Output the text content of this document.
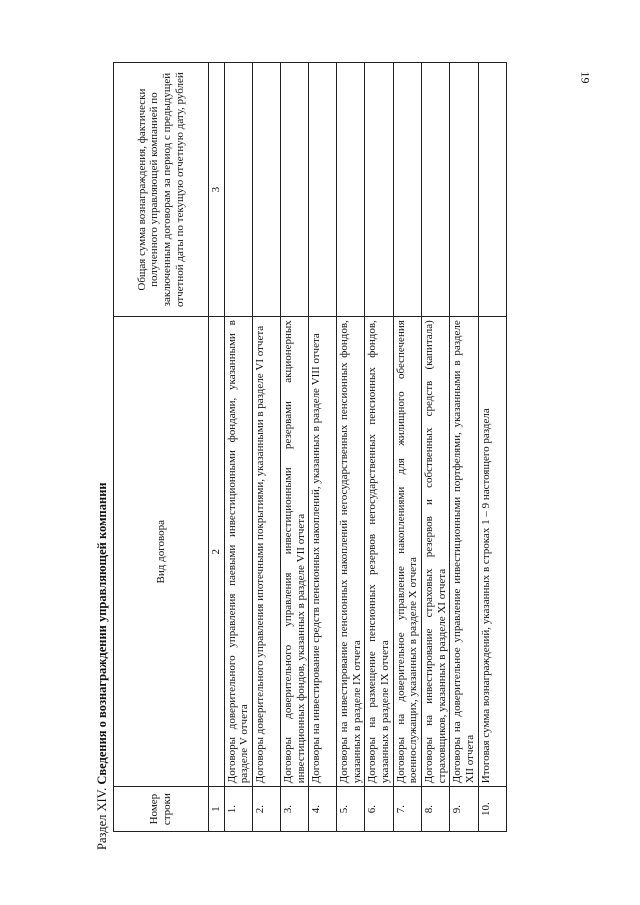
19
Раздел XIV. Сведения о вознаграждении управляющей компании
Номер строки	Вид договора	Общая сумма вознаграждения, фактически полученного управляющей компанией по заключенным договорам за период с предыдущей отчетной даты по текущую отчетную дату, рублей
1	2	3
1.	Договоры доверительного управления паевыми инвестиционными фондами, указанными в разделе V отчета	
2.	Договоры доверительного управления ипотечными покрытиями, указанными в разделе VI отчета	
3.	Договоры доверительного управления инвестиционными резервами акционерных инвестиционных фондов, указанных в разделе VII отчета	
4.	Договоры на инвестирование средств пенсионных накоплений, указанных в разделе VIII отчета	
5.	Договоры на инвестирование пенсионных накоплений негосударственных пенсионных фондов, указанных в разделе IX отчета	
6.	Договоры на размещение пенсионных резервов негосударственных пенсионных фондов, указанных в разделе IX отчета	
7.	Договоры на доверительное управление накоплениями для жилищного обеспечения военнослужащих, указанных в разделе X отчета	
8.	Договоры на инвестирование страховых резервов и собственных средств (капитала) страховщиков, указанных в разделе XI отчета	
9.	Договоры на доверительное управление инвестиционными портфелями, указанными в разделе XII отчета	
10.	Итоговая сумма вознаграждений, указанных в строках 1 – 9 настоящего раздела	
